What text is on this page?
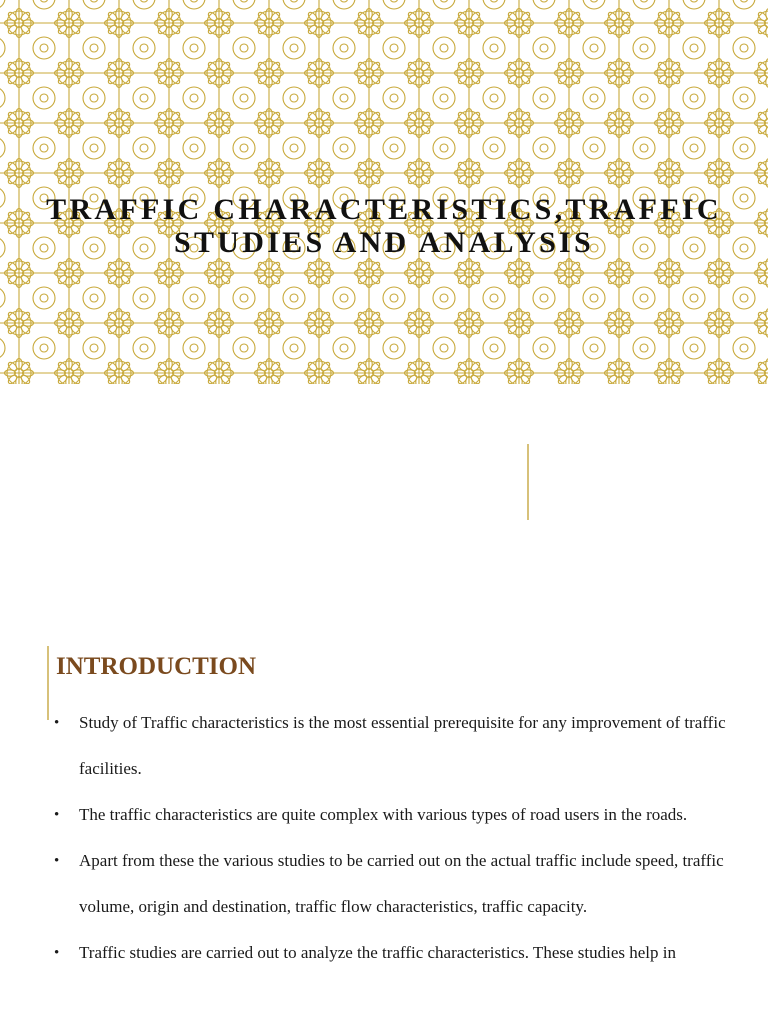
TRAFFIC CHARACTERISTICS,TRAFFIC
STUDIES AND ANALYSIS
INTRODUCTION
• Study of Traffic characteristics is the most essential prerequisite for any improvement of traffic facilities.
• The traffic characteristics are quite complex with various types of road users in the roads.
• Apart from these the various studies to be carried out on the actual traffic include speed, traffic volume, origin and destination, traffic flow characteristics, traffic capacity.
• Traffic studies are carried out to analyze the traffic characteristics. These studies help in
